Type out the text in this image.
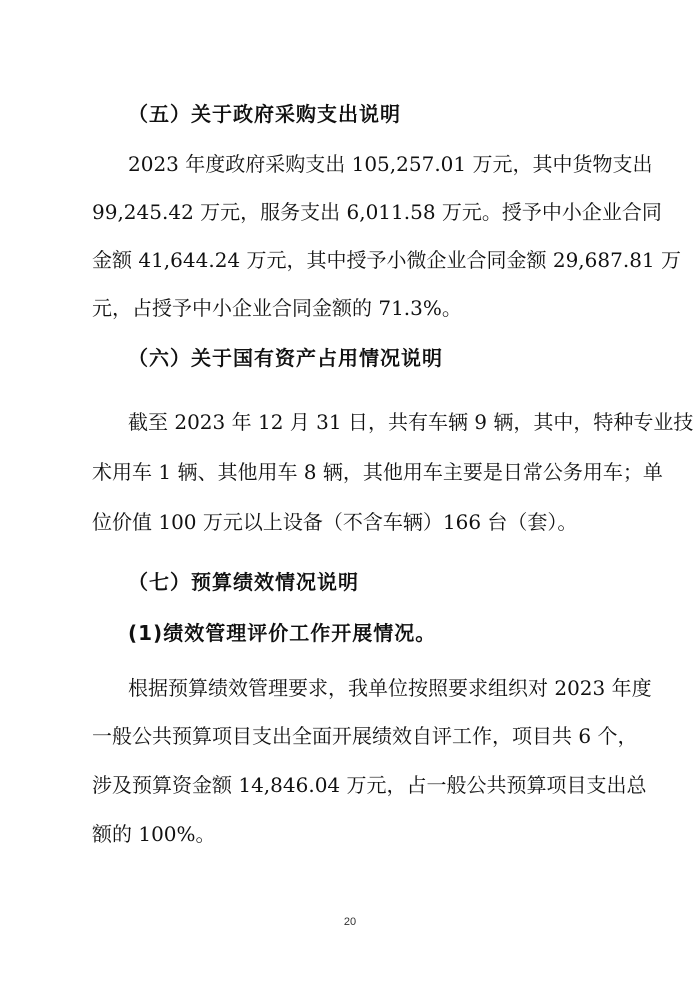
（五）关于政府采购支出说明
2023 年度政府采购支出 105,257.01 万元，其中货物支出
99,245.42 万元，服务支出 6,011.58 万元。授予中小企业合同
金额 41,644.24 万元，其中授予小微企业合同金额 29,687.81 万
元，占授予中小企业合同金额的 71.3%。
（六）关于国有资产占用情况说明
截至 2023 年 12 月 31 日，共有车辆 9 辆，其中，特种专业技
术用车 1 辆、其他用车 8 辆，其他用车主要是日常公务用车；单
位价值 100 万元以上设备（不含车辆）166 台（套）。
（七）预算绩效情况说明
(1)绩效管理评价工作开展情况。
根据预算绩效管理要求，我单位按照要求组织对 2023 年度
一般公共预算项目支出全面开展绩效自评工作，项目共 6 个，
涉及预算资金额 14,846.04 万元，占一般公共预算项目支出总
额的 100%。
20
